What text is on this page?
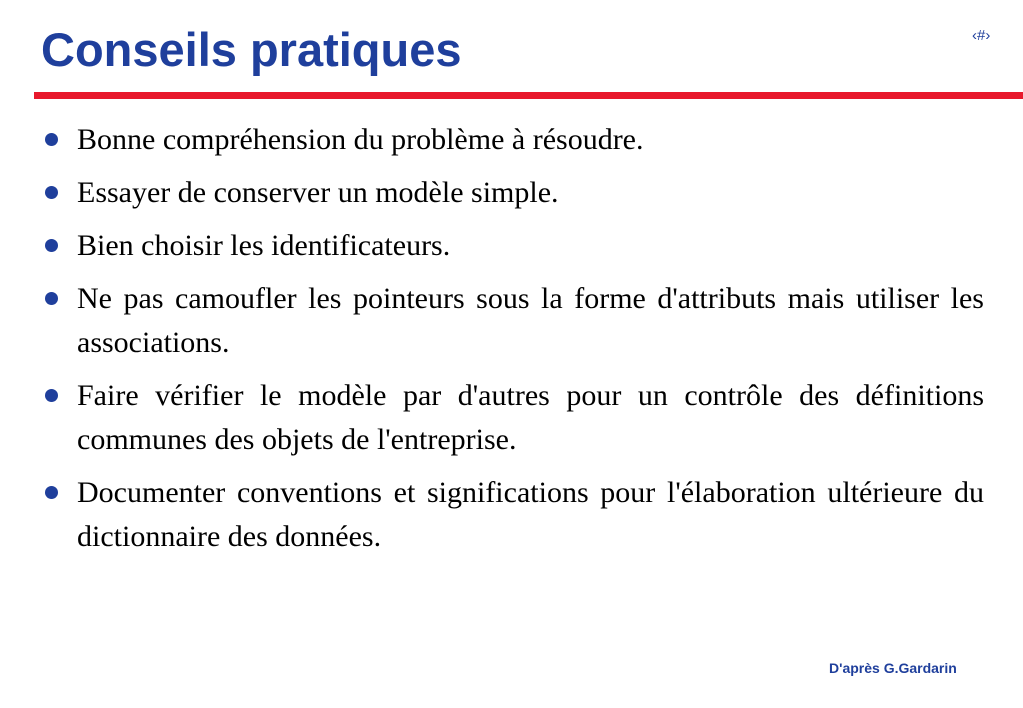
Conseils pratiques	‹#›
Bonne compréhension du problème à résoudre.
Essayer de conserver un modèle simple.
Bien choisir les identificateurs.
Ne pas camoufler les pointeurs sous la forme d'attributs mais utiliser les associations.
Faire vérifier le modèle par d'autres pour un contrôle des définitions communes des objets de l'entreprise.
Documenter conventions et significations pour l'élaboration ultérieure du dictionnaire des données.
D'après G.Gardarin
